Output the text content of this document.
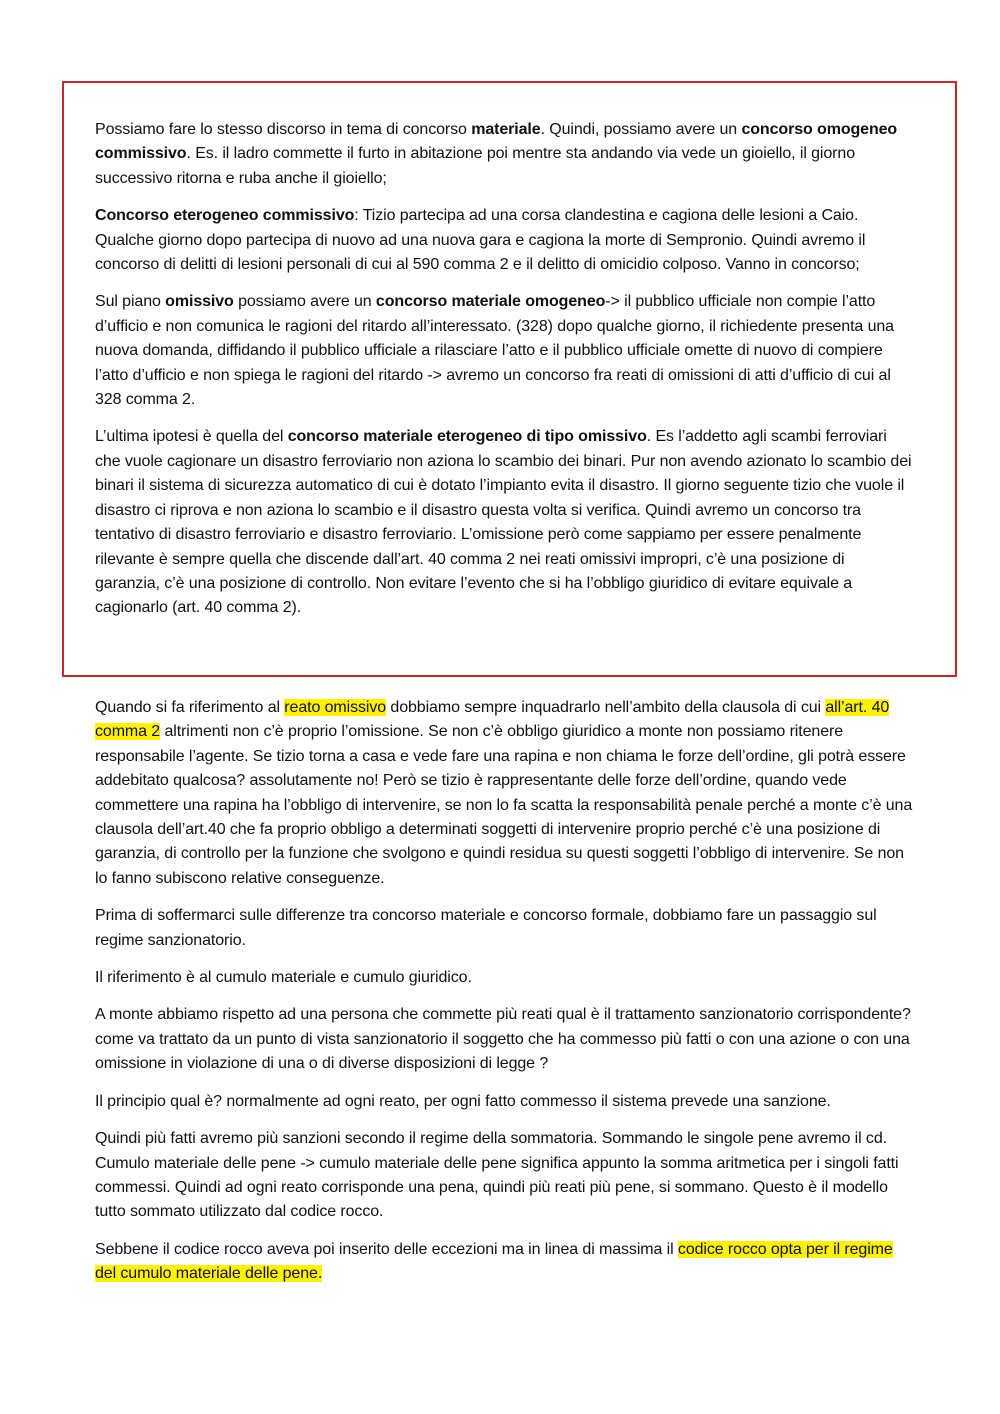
Possiamo fare lo stesso discorso in tema di concorso materiale. Quindi, possiamo avere un concorso omogeneo commissivo. Es. il ladro commette il furto in abitazione poi mentre sta andando via vede un gioiello, il giorno successivo ritorna e ruba anche il gioiello;

Concorso eterogeneo commissivo: Tizio partecipa ad una corsa clandestina e cagiona delle lesioni a Caio. Qualche giorno dopo partecipa di nuovo ad una nuova gara e cagiona la morte di Sempronio. Quindi avremo il concorso di delitti di lesioni personali di cui al 590 comma 2 e il delitto di omicidio colposo. Vanno in concorso;

Sul piano omissivo possiamo avere un concorso materiale omogeneo-> il pubblico ufficiale non compie l’atto d’ufficio e non comunica le ragioni del ritardo all’interessato. (328) dopo qualche giorno, il richiedente presenta una nuova domanda, diffidando il pubblico ufficiale a rilasciare l’atto e il pubblico ufficiale omette di nuovo di compiere l’atto d’ufficio e non spiega le ragioni del ritardo -> avremo un concorso fra reati di omissioni di atti d’ufficio di cui al 328 comma 2.

L’ultima ipotesi è quella del concorso materiale eterogeneo di tipo omissivo. Es l’addetto agli scambi ferroviari che vuole cagionare un disastro ferroviario non aziona lo scambio dei binari. Pur non avendo azionato lo scambio dei binari il sistema di sicurezza automatico di cui è dotato l’impianto evita il disastro. Il giorno seguente tizio che vuole il disastro ci riprova e non aziona lo scambio e il disastro questa volta si verifica. Quindi avremo un concorso tra tentativo di disastro ferroviario e disastro ferroviario. L’omissione però come sappiamo per essere penalmente rilevante è sempre quella che discende dall’art. 40 comma 2 nei reati omissivi impropri, c’è una posizione di garanzia, c’è una posizione di controllo. Non evitare l’evento che si ha l’obbligo giuridico di evitare equivale a cagionarlo (art. 40 comma 2).

Quando si fa riferimento al reato omissivo dobbiamo sempre inquadrarlo nell’ambito della clausola di cui all’art. 40 comma 2 altrimenti non c’è proprio l’omissione. Se non c’è obbligo giuridico a monte non possiamo ritenere responsabile l’agente. Se tizio torna a casa e vede fare una rapina e non chiama le forze dell’ordine, gli potrà essere addebitato qualcosa? assolutamente no! Però se tizio è rappresentante delle forze dell’ordine, quando vede commettere una rapina ha l’obbligo di intervenire, se non lo fa scatta la responsabilità penale perché a monte c’è una clausola dell’art.40 che fa proprio obbligo a determinati soggetti di intervenire proprio perché c’è una posizione di garanzia, di controllo per la funzione che svolgono e quindi residua su questi soggetti l’obbligo di intervenire. Se non lo fanno subiscono relative conseguenze.

Prima di soffermarci sulle differenze tra concorso materiale e concorso formale, dobbiamo fare un passaggio sul regime sanzionatorio.

Il riferimento è al cumulo materiale e cumulo giuridico.

A monte abbiamo rispetto ad una persona che commette più reati qual è il trattamento sanzionatorio corrispondente? come va trattato da un punto di vista sanzionatorio il soggetto che ha commesso più fatti o con una azione o con una omissione in violazione di una o di diverse disposizioni di legge ?

Il principio qual è? normalmente ad ogni reato, per ogni fatto commesso il sistema prevede una sanzione.

Quindi più fatti avremo più sanzioni secondo il regime della sommatoria. Sommando le singole pene avremo il cd. Cumulo materiale delle pene -> cumulo materiale delle pene significa appunto la somma aritmetica per i singoli fatti commessi. Quindi ad ogni reato corrisponde una pena, quindi più reati più pene, si sommano. Questo è il modello tutto sommato utilizzato dal codice rocco.

Sebbene il codice rocco aveva poi inserito delle eccezioni ma in linea di massima il codice rocco opta per il regime del cumulo materiale delle pene.
